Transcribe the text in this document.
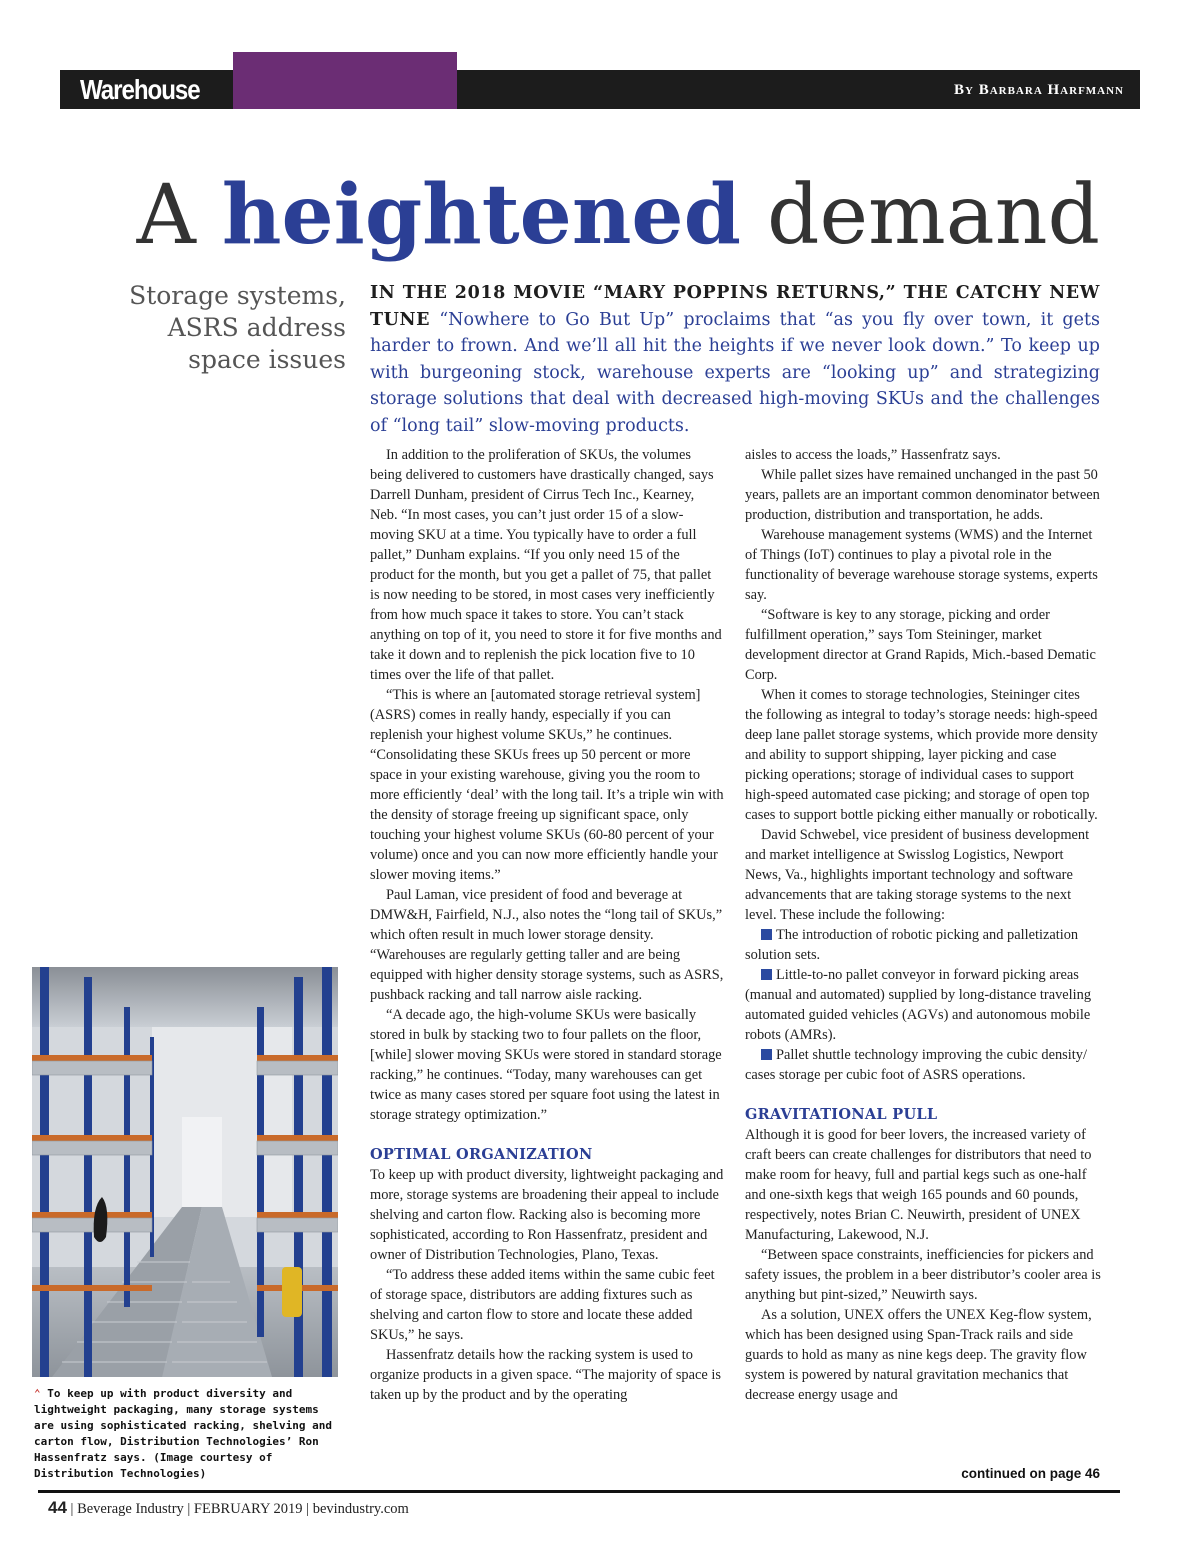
Warehouse	By Barbara Harfmann
A heightened demand
Storage systems,
ASRS address
space issues
IN THE 2018 MOVIE “MARY POPPINS RETURNS,” THE CATCHY NEW TUNE “Nowhere to Go But Up” proclaims that “as you fly over town, it gets harder to frown. And we’ll all hit the heights if we never look down.” To keep up with burgeoning stock, warehouse experts are “looking up” and strategizing storage solutions that deal with decreased high-moving SKUs and the challenges of “long tail” slow-moving products.

In addition to the proliferation of SKUs, the volumes being delivered to customers have drastically changed, says Darrell Dunham, president of Cirrus Tech Inc., Kearney, Neb. “In most cases, you can’t just order 15 of a slow-moving SKU at a time. You typically have to order a full pallet,” Dunham explains. “If you only need 15 of the product for the month, but you get a pallet of 75, that pallet is now needing to be stored, in most cases very inefficiently from how much space it takes to store. You can’t stack anything on top of it, you need to store it for five months and take it down and to replenish the pick location five to 10 times over the life of that pallet.

“This is where an [automated storage retrieval system] (ASRS) comes in really handy, especially if you can replenish your highest volume SKUs,” he continues. “Consolidating these SKUs frees up 50 percent or more space in your existing warehouse, giving you the room to more efficiently ‘deal’ with the long tail. It’s a triple win with the density of storage freeing up significant space, only touching your highest volume SKUs (60-80 percent of your volume) once and you can now more efficiently handle your slower moving items.”

Paul Laman, vice president of food and beverage at DMW&H, Fairfield, N.J., also notes the “long tail of SKUs,” which often result in much lower storage density. “Warehouses are regularly getting taller and are being equipped with higher density storage systems, such as ASRS, pushback racking and tall narrow aisle racking.

“A decade ago, the high-volume SKUs were basically stored in bulk by stacking two to four pallets on the floor, [while] slower moving SKUs were stored in standard storage racking,” he continues. “Today, many warehouses can get twice as many cases stored per square foot using the latest in storage strategy optimization.”

OPTIMAL ORGANIZATION

To keep up with product diversity, lightweight packaging and more, storage systems are broadening their appeal to include shelving and carton flow. Racking also is becoming more sophisticated, according to Ron Hassenfratz, president and owner of Distribution Technologies, Plano, Texas.

“To address these added items within the same cubic feet of storage space, distributors are adding fixtures such as shelving and carton flow to store and locate these added SKUs,” he says.

Hassenfratz details how the racking system is used to organize products in a given space. “The majority of space is taken up by the product and by the operating

aisles to access the loads,” Hassenfratz says.

While pallet sizes have remained unchanged in the past 50 years, pallets are an important common denominator between production, distribution and transportation, he adds.

Warehouse management systems (WMS) and the Internet of Things (IoT) continues to play a pivotal role in the functionality of beverage warehouse storage systems, experts say.

“Software is key to any storage, picking and order fulfillment operation,” says Tom Steininger, market development director at Grand Rapids, Mich.-based Dematic Corp.

When it comes to storage technologies, Steininger cites the following as integral to today’s storage needs: high-speed deep lane pallet storage systems, which provide more density and ability to support shipping, layer picking and case picking operations; storage of individual cases to support high-speed automated case picking; and storage of open top cases to support bottle picking either manually or robotically.

David Schwebel, vice president of business development and market intelligence at Swisslog Logistics, Newport News, Va., highlights important technology and software advancements that are taking storage systems to the next level. These include the following:

The introduction of robotic picking and palletization solution sets.

Little-to-no pallet conveyor in forward picking areas (manual and automated) supplied by long-distance traveling automated guided vehicles (AGVs) and autonomous mobile robots (AMRs).

Pallet shuttle technology improving the cubic density/ cases storage per cubic foot of ASRS operations.

GRAVITATIONAL PULL

Although it is good for beer lovers, the increased variety of craft beers can create challenges for distributors that need to make room for heavy, full and partial kegs such as one-half and one-sixth kegs that weigh 165 pounds and 60 pounds, respectively, notes Brian C. Neuwirth, president of UNEX Manufacturing, Lakewood, N.J.

“Between space constraints, inefficiencies for pickers and safety issues, the problem in a beer distributor’s cooler area is anything but pint-sized,” Neuwirth says.

As a solution, UNEX offers the UNEX Keg-flow system, which has been designed using Span-Track rails and side guards to hold as many as nine kegs deep. The gravity flow system is powered by natural gravitation mechanics that decrease energy usage and

continued on page 46
⌃ To keep up with product diversity and lightweight packaging, many storage systems are using sophisticated racking, shelving and carton flow, Distribution Technologies’ Ron Hassenfratz says. (Image courtesy of Distribution Technologies)
44 | Beverage Industry | FEBRUARY 2019 | bevindustry.com
